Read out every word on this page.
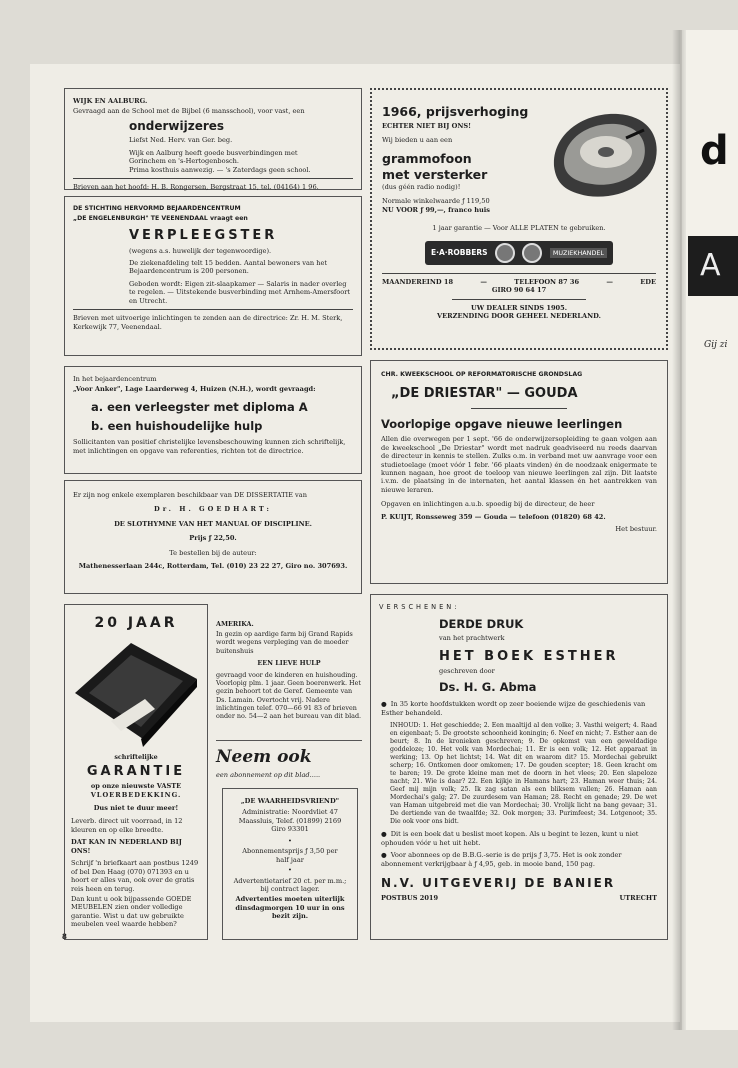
WIJK EN AALBURG.

Gevraagd aan de School met de Bijbel (6 mansschool), voor vast, een

onderwijzeres

Liefst Ned. Herv. van Ger. beg.

Wijk en Aalburg heeft goede busverbindingen met
Gorinchem en 's-Hertogenbosch.
Prima kosthuis aanwezig. — 's Zaterdags geen school.

Brieven aan het hoofd: H. B. Rongersen, Bergstraat 15, tel. (04164) 1 96.

DE STICHTING HERVORMD BEJAARDENCENTRUM

„DE ENGELENBURGH" TE VEENENDAAL vraagt een

VERPLEEGSTER

(wegens a.s. huwelijk der tegenwoordige).

De ziekenafdeling telt 15 bedden. Aantal bewoners van het Bejaardencentrum is 200 personen.

Geboden wordt: Eigen zit-slaapkamer — Salaris in nader overleg te regelen. — Uitstekende busverbinding met Arnhem-Amersfoort en Utrecht.

Brieven met uitvoerige inlichtingen te zenden aan de directrice: Zr. H. M. Sterk, Kerkewijk 77, Veenendaal.

In het bejaardencentrum

„Voor Anker", Lage Laarderweg 4, Huizen (N.H.), wordt gevraagd:

a. een verleegster met diploma A
b. een huishoudelijke hulp

Sollicitanten van positief christelijke levensbeschouwing kunnen zich schriftelijk, met inlichtingen en opgave van referenties, richten tot de directrice.

Er zijn nog enkele exemplaren beschikbaar van DE DISSERTATIE van

Dr. H. GOEDHART:

DE SLOTHYMNE VAN HET MANUAL OF DISCIPLINE.

Prijs ƒ 22,50.

Te bestellen bij de auteur:

Mathenesserlaan 244c, Rotterdam, Tel. (010) 23 22 27, Giro no. 307693.

20 JAAR
schriftelijke
GARANTIE
op onze nieuwste VASTE
VLOERBEDEKKING.
Dus niet te duur meer!

Leverb. direct uit voorraad, in 12 kleuren en op elke breedte.

DAT KAN IN NEDERLAND BIJ ONS!

Schrijf 'n briefkaart aan postbus 1249 of bel Den Haag (070) 071393 en u hoort er alles van, ook over de gratis reis heen en terug.

Dan kunt u ook bijpassende GOEDE MEUBELEN zien onder volledige garantie. Wist u dat uw gebruikte meubelen veel waarde hebben?

AMERIKA.

In gezin op aardige farm bij Grand Rapids wordt wegens verpleging van de moeder buitenshuis

EEN LIEVE HULP

gevraagd voor de kinderen en huishouding. Voorlopig plm. 1 jaar. Geen boerenwerk. Het gezin behoort tot de Geref. Gemeente van Ds. Lamain. Overtocht vrij. Nadere inlichtingen telef. 070—66 91 83 of brieven onder no. 54—2 aan het bureau van dit blad.

Neem ook
een abonnement op dit blad.....

„DE WAARHEIDSVRIEND"

Administratie: Noordvliet 47 Maassluis, Telef. (01899) 2169 Giro 93301

•

Abonnementsprijs ƒ 3,50 per half jaar

•

Advertentietarief 20 ct. per m.m.; bij contract lager.

Advertenties moeten uiterlijk dinsdagmorgen 10 uur in ons bezit zijn.

1966, prijsverhoging
ECHTER NIET BIJ ONS!
Wij bieden u aan een
grammofoon
met versterker
(dus géén radio nodig)!
Normale winkelwaarde ƒ 119,50
NU VOOR ƒ 99,—, franco huis
1 jaar garantie — Voor ALLE PLATEN te gebruiken.
E·A·ROBBERS	MUZIEKHANDEL
MAANDEREIND 18	—	TELEFOON 87 36	—	EDE
GIRO 90 64 17
UW DEALER SINDS 1905.
VERZENDING DOOR GEHEEL NEDERLAND.

CHR. KWEEKSCHOOL OP REFORMATORISCHE GRONDSLAG

„DE DRIESTAR" — GOUDA
Voorlopige opgave nieuwe leerlingen

Allen die overwegen per 1 sept. '66 de onderwijzersopleiding te gaan volgen aan de kweekschool „De Driestar" wordt met nadruk geadviseerd nu reeds daarvan de directeur in kennis te stellen. Zulks o.m. in verband met uw aanvrage voor een studietoelage (moet vóór 1 febr. '66 plaats vinden) én de noodzaak enigermate te kunnen nagaan, hoe groot de toeloop van nieuwe leerlingen zal zijn. Dit laatste i.v.m. de plaatsing in de internaten, het aantal klassen én het aantrekken van nieuwe leraren.

Opgaven en inlichtingen a.u.b. spoedig bij de directeur, de heer

P. KUIJT, Ronsseweg 359 — Gouda — telefoon (01820) 68 42.

Het bestuur.

VERSCHENEN:

DERDE DRUK

van het prachtwerk

HET BOEK ESTHER

geschreven door

Ds. H. G. Abma

● In 35 korte hoofdstukken wordt op zeer boeiende wijze de geschiedenis van Esther behandeld.

INHOUD: 1. Het geschiedde; 2. Een maaltijd al den volke; 3. Vasthi weigert; 4. Raad en eigenbaat; 5. De grootste schoonheid koningin; 6. Neef en nicht; 7. Esther aan de beurt; 8. In de kronieken geschreven; 9. De opkomst van een geweldadige goddeloze; 10. Het volk van Mordechai; 11. Er is een volk; 12. Het apparaat in werking; 13. Op het lichtst; 14. Wat dit en waarom dit? 15. Mordechai gebruikt scherp; 16. Ontkomen door omkomen; 17. De gouden scepter; 18. Geen kracht om te baren; 19. De grote kleine man met de doorn in het vlees; 20. Een slapeloze nacht; 21. Wie is daar? 22. Een kijkje in Hamans hart; 23. Haman weer thuis; 24. Geef mij mijn volk; 25. Ik zag satan als een bliksem vallen; 26. Haman aan Mordechai's galg; 27. De zuurdesem van Haman; 28. Recht en genade; 29. De wet van Haman uitgebreid met die van Mordechai; 30. Vrolijk licht na bang gevaar; 31. De dertiende van de twaalfde; 32. Ook morgen; 33. Purimfeest; 34. Lotgenoot; 35. Die ook voor ons bidt.

● Dit is een boek dat u beslist moet kopen. Als u begint te lezen, kunt u niet ophouden vóór u het uit hebt.

● Voor abonnees op de B.B.G.-serie is de prijs ƒ 3,75. Het is ook zonder abonnement verkrijgbaar à ƒ 4,95, geb. in mooie band, 150 pag.

N.V. UITGEVERIJ DE BANIER
POSTBUS 2019	UTRECHT
8
d
A
Gij zi
